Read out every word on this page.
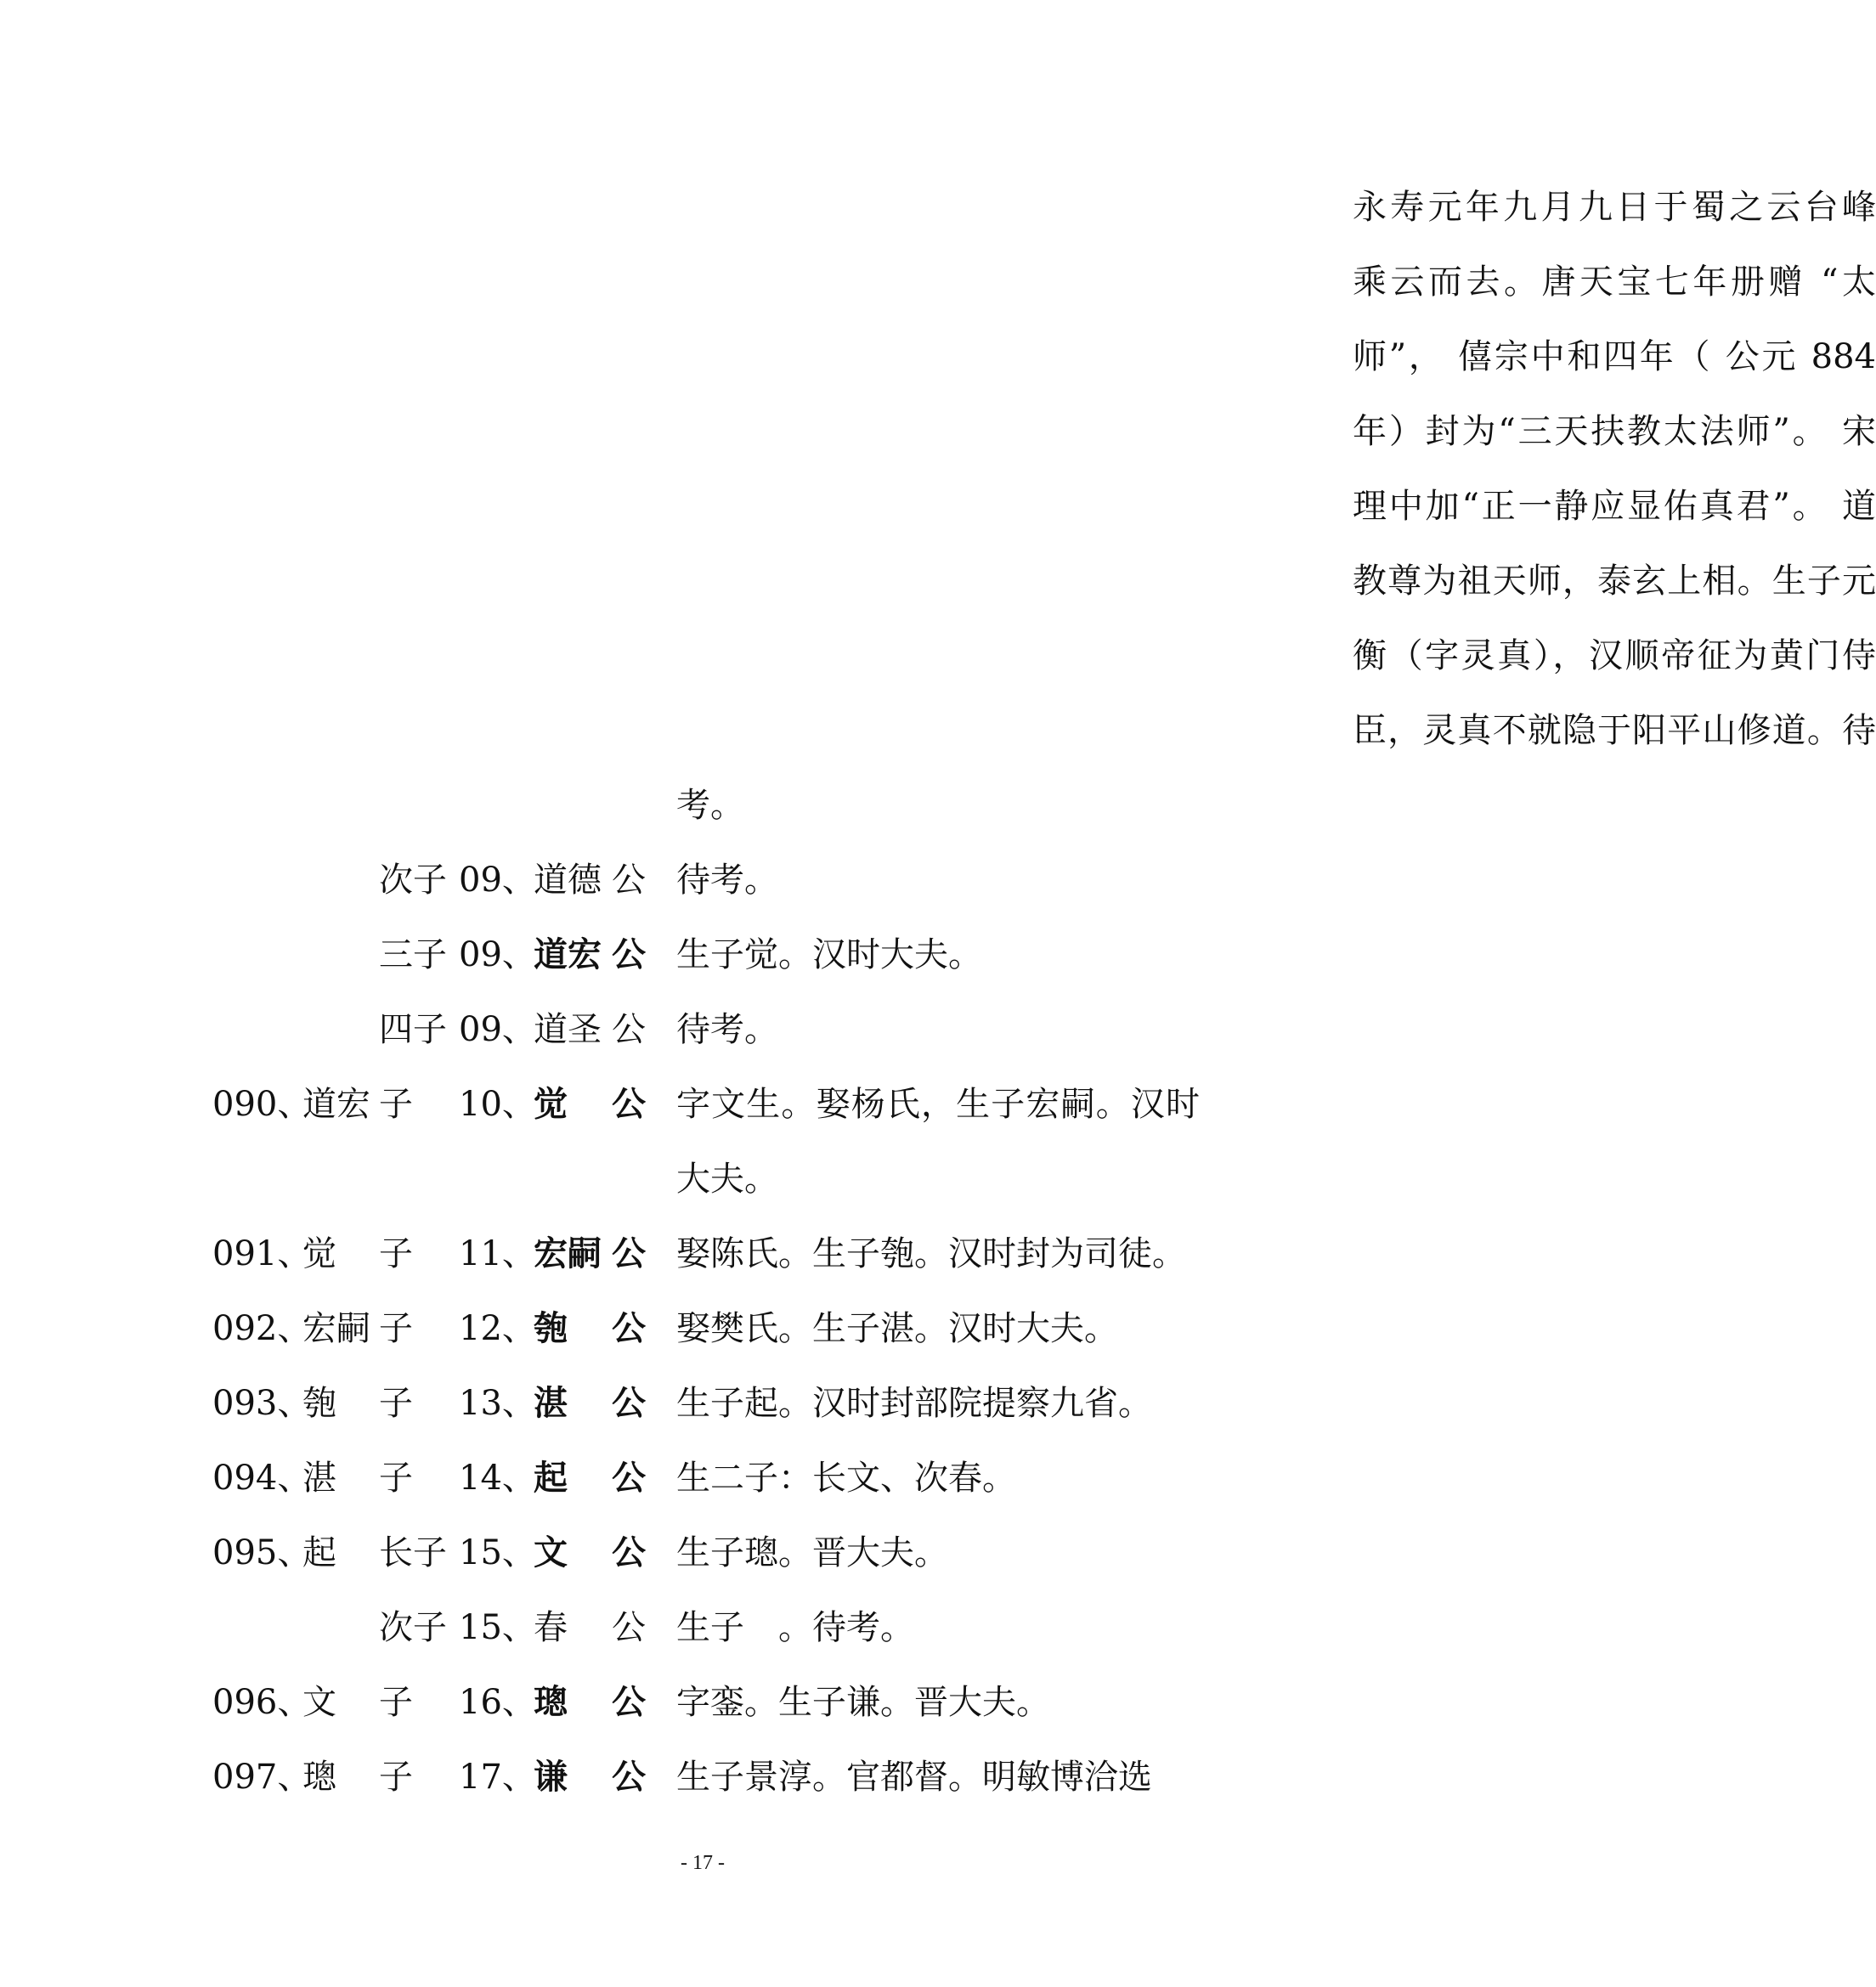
永寿元年九月九日于蜀之云台峰
乘云而去。唐天宝七年册赠 “太
师”， 僖宗中和四年（ 公元 884
年）封为“三天扶教太法师”。 宋
理中加“正一静应显佑真君”。 道
教尊为祖天师，泰玄上相。生子元
衡（字灵真），汉顺帝征为黄门侍
臣，灵真不就隐于阳平山修道。待
考。
次子 09、
道德 公 待考。
三子 09、
道宏 公 生子觉。汉时大夫。
四子 09、
道圣 公 待考。
090、
道宏 子 10、
觉 公 字文生。娶杨氏，生子宏嗣。汉时
大夫。
091、
觉 子 11、
宏嗣 公 娶陈氏。生子匏。汉时封为司徒。
092、
宏嗣 子 12、
匏 公 娶樊氏。生子湛。汉时大夫。
093、
匏 子 13、
湛 公 生子起。汉时封部院提察九省。
094、
湛 子 14、
起 公 生二子：长文、次春。
095、
起 长子 15、
文 公 生子璁。晋大夫。
次子 15、
春 公 生子　。待考。
096、
文 子 16、
璁 公 字銮。生子谦。晋大夫。
097、
璁 子 17、
谦 公 生子景淳。官都督。明敏博洽选
- 17 -
